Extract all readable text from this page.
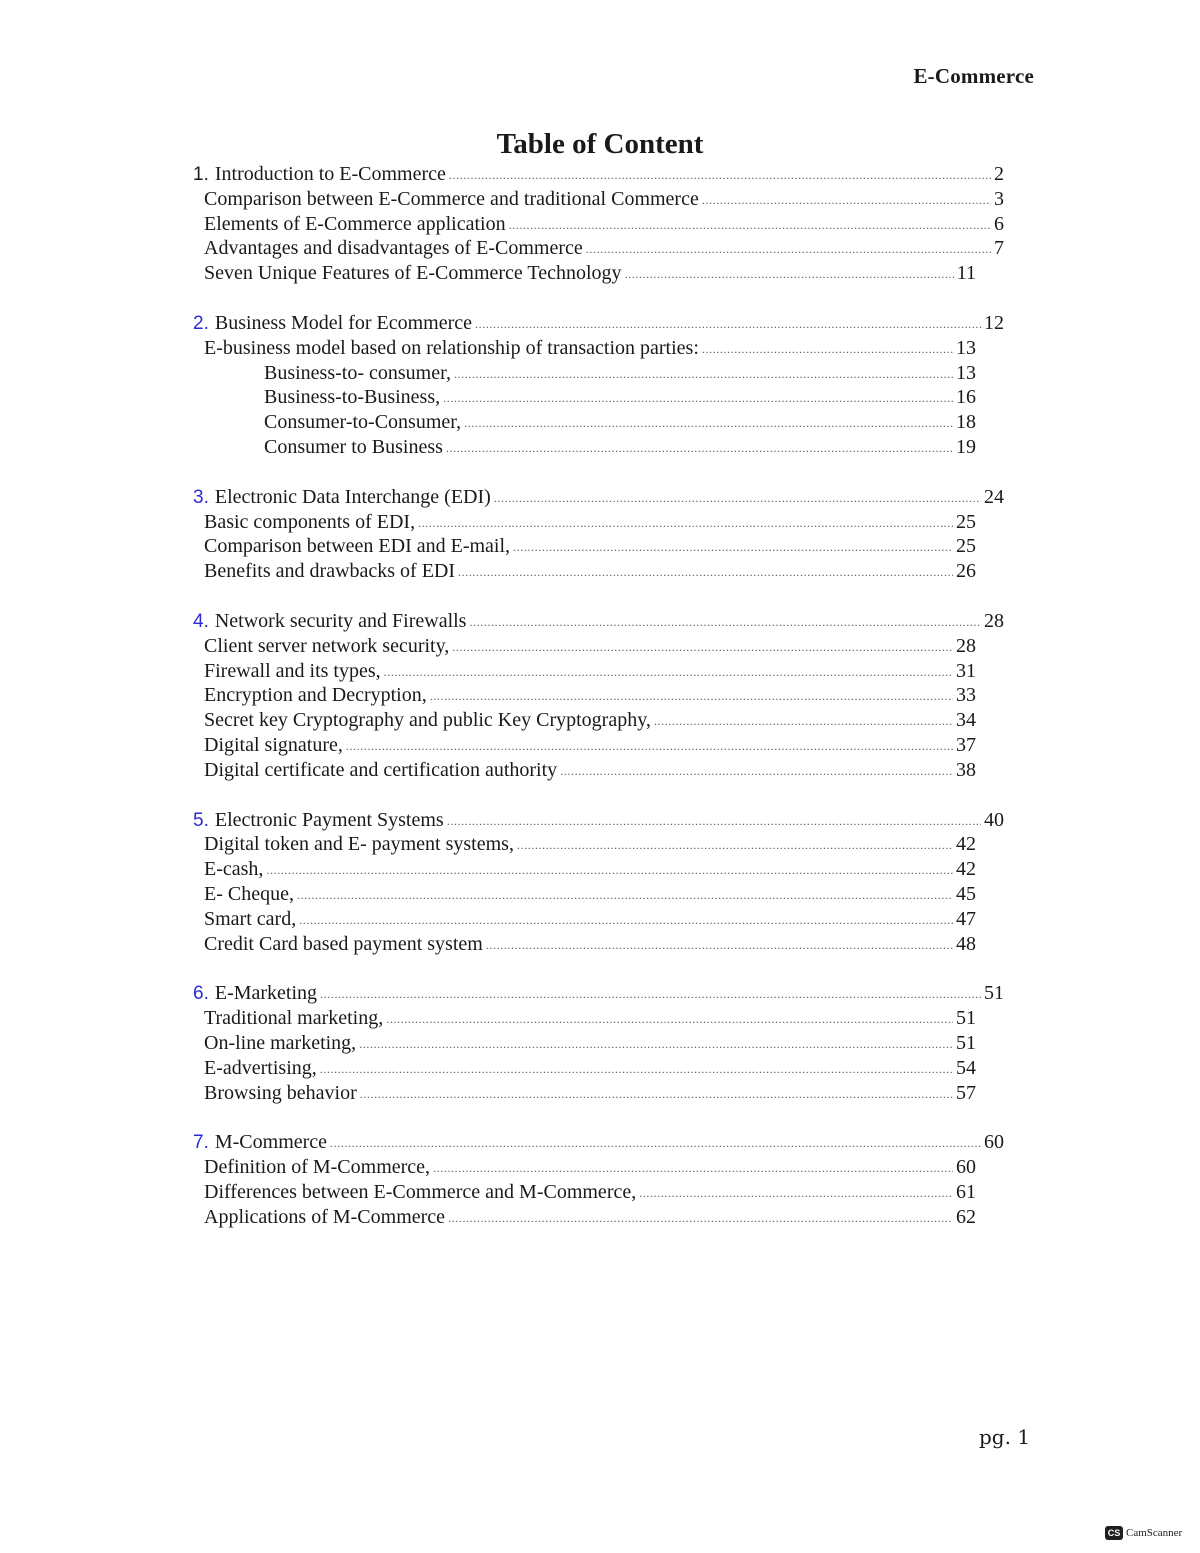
E-Commerce
Table of Content
1. Introduction to E-Commerce .....	2
Comparison between E-Commerce and traditional Commerce .....	3
Elements of E-Commerce application .....	6
Advantages and disadvantages of E-Commerce .....	7
Seven Unique Features of E-Commerce Technology .....	11
2. Business Model for Ecommerce .....	12
E-business model based on relationship of transaction parties: .....	13
Business-to- consumer, .....	13
Business-to-Business, .....	16
Consumer-to-Consumer, .....	18
Consumer to Business .....	19
3. Electronic Data Interchange (EDI) .....	24
Basic components of EDI, .....	25
Comparison between EDI and E-mail, .....	25
Benefits and drawbacks of EDI .....	26
4. Network security and Firewalls .....	28
Client server network security, .....	28
Firewall and its types, .....	31
Encryption and Decryption, .....	33
Secret key Cryptography and public Key Cryptography, .....	34
Digital signature, .....	37
Digital certificate and certification authority .....	38
5. Electronic Payment Systems .....	40
Digital token and E- payment systems, .....	42
E-cash, .....	42
E- Cheque, .....	45
Smart card, .....	47
Credit Card based payment system .....	48
6. E-Marketing .....	51
Traditional marketing, .....	51
On-line marketing, .....	51
E-advertising, .....	54
Browsing behavior .....	57
7. M-Commerce .....	60
Definition of M-Commerce, .....	60
Differences between E-Commerce and M-Commerce, .....	61
Applications of M-Commerce .....	62
pg. 1
CS CamScanner
